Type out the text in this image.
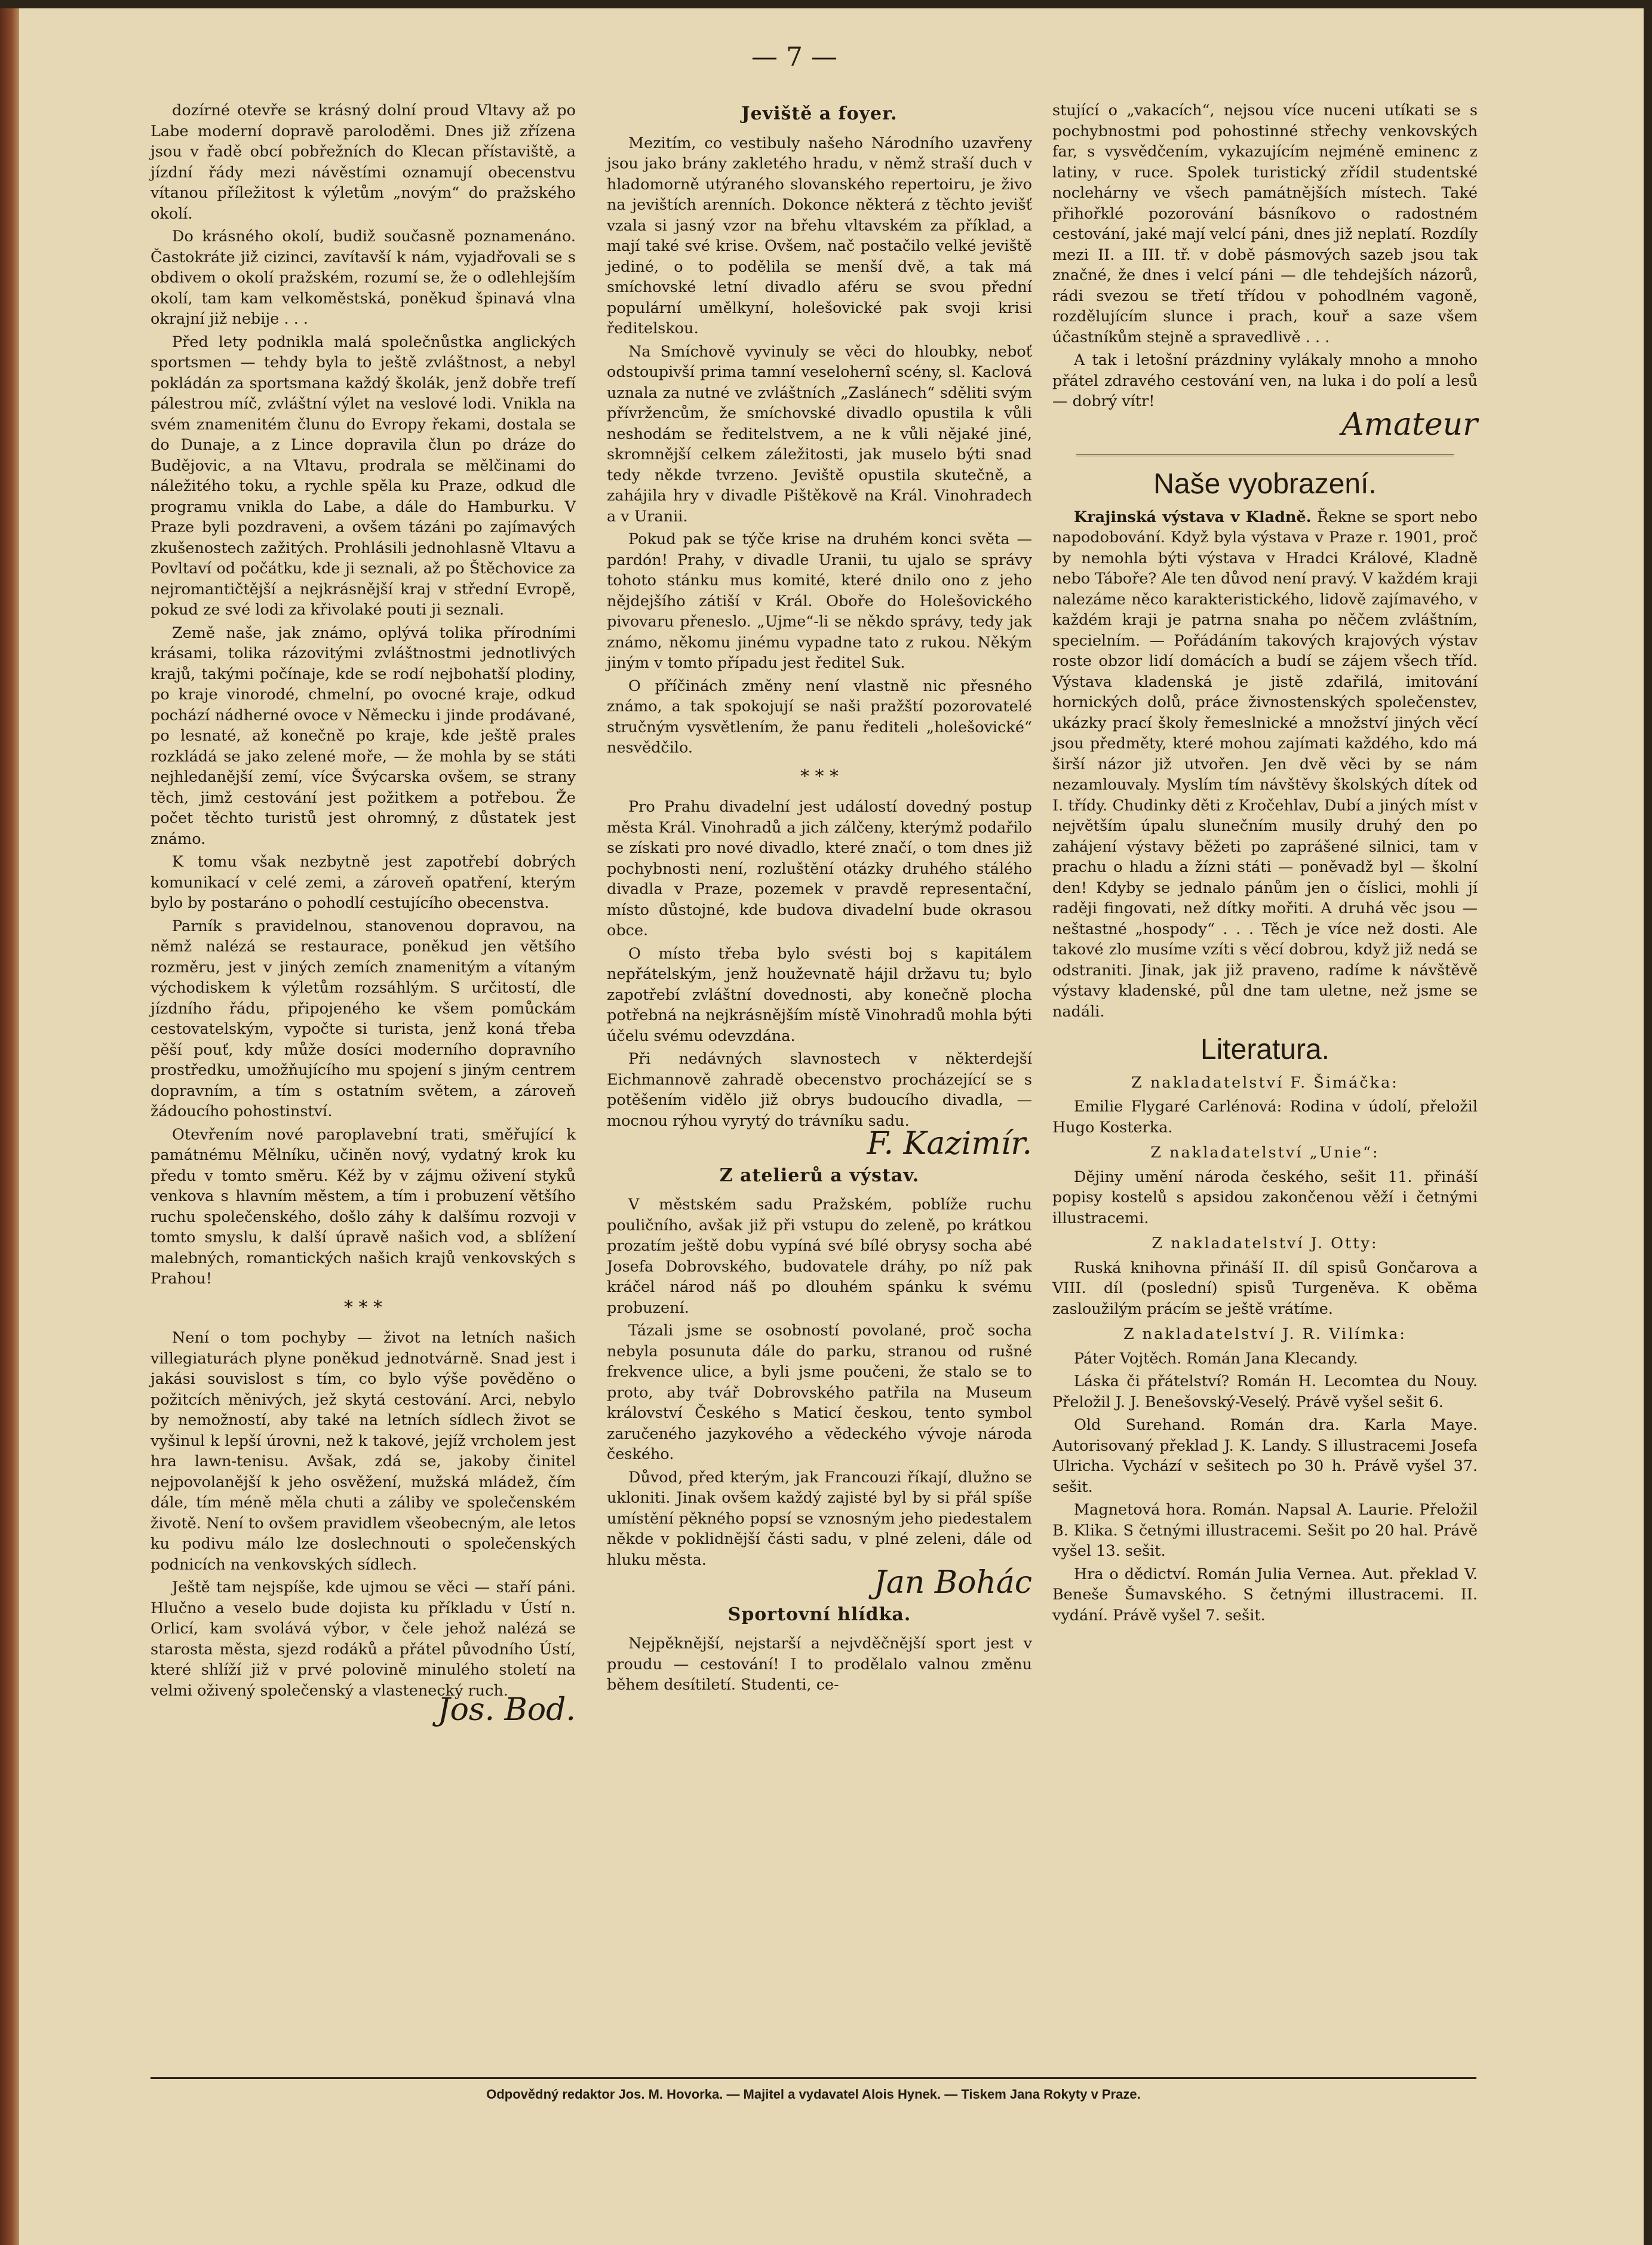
— 7 —

dozírné otevře se krásný dolní proud Vltavy až po Labe moderní dopravě paroloděmi. Dnes již zřízena jsou v řadě obcí pobřežních do Klecan přístaviště, a jízdní řády mezi návěstími oznamují obecenstvu vítanou příležitost k výletům „novým“ do pražského okolí.

Do krásného okolí, budiž současně poznamenáno. Častokráte již cizinci, zavítavší k nám, vyjadřovali se s obdivem o okolí pražském, rozumí se, že o odlehlejším okolí, tam kam velkoměstská, poněkud špinavá vlna okrajní již nebije . . .

Před lety podnikla malá společnůstka anglických sportsmen — tehdy byla to ještě zvláštnost, a nebyl pokládán za sportsmana každý školák, jenž dobře trefí pálestrou míč, zvláštní výlet na veslové lodi. Vnikla na svém znamenitém člunu do Evropy řekami, dostala se do Dunaje, a z Lince dopravila člun po dráze do Budějovic, a na Vltavu, prodrala se mělčinami do náležitého toku, a rychle spěla ku Praze, odkud dle programu vnikla do Labe, a dále do Hamburku. V Praze byli pozdraveni, a ovšem tázáni po zajímavých zkušenostech zažitých. Prohlásili jednohlasně Vltavu a Povltaví od počátku, kde ji seznali, až po Štěchovice za nejromantičtější a nejkrásnější kraj v střední Evropě, pokud ze své lodi za křivolaké pouti ji seznali.

Země naše, jak známo, oplývá tolika přírodními krásami, tolika rázovitými zvláštnostmi jednotlivých krajů, takými počínaje, kde se rodí nejbohatší plodiny, po kraje vinorodé, chmelní, po ovocné kraje, odkud pochází nádherné ovoce v Německu i jinde prodávané, po lesnaté, až konečně po kraje, kde ještě prales rozkládá se jako zelené moře, — že mohla by se státi nejhledanější zemí, více Švýcarska ovšem, se strany těch, jimž cestování jest požitkem a potřebou. Že počet těchto turistů jest ohromný, z důstatek jest známo.

K tomu však nezbytně jest zapotřebí dobrých komunikací v celé zemi, a zároveň opatření, kterým bylo by postaráno o pohodlí cestujícího obecenstva.

Parník s pravidelnou, stanovenou dopravou, na němž nalézá se restaurace, poněkud jen většího rozměru, jest v jiných zemích znamenitým a vítaným východiskem k výletům rozsáhlým. S určitostí, dle jízdního řádu, připojeného ke všem pomůckám cestovatelským, vypočte si turista, jenž koná třeba pěší pouť, kdy může dosíci moderního dopravního prostředku, umožňujícího mu spojení s jiným centrem dopravním, a tím s ostatním světem, a zároveň žádoucího pohostinství.

Otevřením nové paroplavební trati, směřující k památnému Mělníku, učiněn nový, vydatný krok ku předu v tomto směru. Kéž by v zájmu oživení styků venkova s hlavním městem, a tím i probuzení většího ruchu společenského, došlo záhy k dalšímu rozvoji v tomto smyslu, k další úpravě našich vod, a sblížení malebných, romantických našich krajů venkovských s Prahou!

* * *

Není o tom pochyby — život na letních našich villegiaturách plyne poněkud jednotvárně. Snad jest i jakási souvislost s tím, co bylo výše pověděno o požitcích měnivých, jež skytá cestování. Arci, nebylo by nemožností, aby také na letních sídlech život se vyšinul k lepší úrovni, než k takové, jejíž vrcholem jest hra lawn-tenisu. Avšak, zdá se, jakoby činitel nejpovolanější k jeho osvěžení, mužská mládež, čím dále, tím méně měla chuti a záliby ve společenském životě. Není to ovšem pravidlem všeobecným, ale letos ku podivu málo lze doslechnouti o společenských podnicích na venkovských sídlech.

Ještě tam nejspíše, kde ujmou se věci — staří páni. Hlučno a veselo bude dojista ku příkladu v Ústí n. Orlicí, kam svolává výbor, v čele jehož nalézá se starosta města, sjezd rodáků a přátel původního Ústí, které shlíží již v prvé polovině minulého století na velmi oživený společenský a vlastenecký ruch.

Jos. Bod.
Jeviště a foyer.

Mezitím, co vestibuly našeho Národního uzavřeny jsou jako brány zakletého hradu, v němž straší duch v hladomorně utýraného slovanského repertoiru, je živo na jevištích arenních. Dokonce některá z těchto jevišť vzala si jasný vzor na břehu vltavském za příklad, a mají také své krise. Ovšem, nač postačilo velké jeviště jediné, o to podělila se menší dvě, a tak má smíchovské letní divadlo aféru se svou přední populární umělkyní, holešovické pak svoji krisi ředitelskou.

Na Smíchově vyvinuly se věci do hloubky, neboť odstoupivší prima tamní veselohernî scény, sl. Kaclová uznala za nutné ve zvláštních „Zaslánech“ sděliti svým přívržencům, že smíchovské divadlo opustila k vůli neshodám se ředitelstvem, a ne k vůli nějaké jiné, skromnější celkem záležitosti, jak muselo býti snad tedy někde tvrzeno. Jeviště opustila skutečně, a zahájila hry v divadle Pištěkově na Král. Vinohradech a v Uranii.

Pokud pak se týče krise na druhém konci světa — pardón! Prahy, v divadle Uranii, tu ujalo se správy tohoto stánku mus komité, které dnilo ono z jeho nějdejšího zátiší v Král. Oboře do Holešovického pivovaru přeneslo. „Ujme“-li se někdo správy, tedy jak známo, někomu jinému vypadne tato z rukou. Někým jiným v tomto případu jest ředitel Suk.

O příčinách změny není vlastně nic přesného známo, a tak spokojují se naši pražští pozorovatelé stručným vysvětlením, že panu řediteli „holešovické“ nesvědčilo.

* * *

Pro Prahu divadelní jest událostí dovedný postup města Král. Vinohradů a jich zálčeny, kterýmž podařilo se získati pro nové divadlo, které značí, o tom dnes již pochybnosti není, rozluštění otázky druhého stálého divadla v Praze, pozemek v pravdě representační, místo důstojné, kde budova divadelní bude okrasou obce.

O místo třeba bylo svésti boj s kapitálem nepřátelským, jenž houževnatě hájil državu tu; bylo zapotřebí zvláštní dovednosti, aby konečně plocha potřebná na nejkrásnějším místě Vinohradů mohla býti účelu svému odevzdána.

Při nedávných slavnostech v některdejší Eichmannově zahradě obecenstvo procházející se s potěšením vidělo již obrys budoucího divadla, — mocnou rýhou vyrytý do trávníku sadu.

F. Kazimír.
Z atelierů a výstav.

V městském sadu Pražském, poblíže ruchu pouličního, avšak již při vstupu do zeleně, po krátkou prozatím ještě dobu vypíná své bílé obrysy socha abé Josefa Dobrovského, budovatele dráhy, po níž pak kráčel národ náš po dlouhém spánku k svému probuzení.

Tázali jsme se osobností povolané, proč socha nebyla posunuta dále do parku, stranou od rušné frekvence ulice, a byli jsme poučeni, že stalo se to proto, aby tvář Dobrovského patřila na Museum království Českého s Maticí českou, tento symbol zaručeného jazykového a vědeckého vývoje národa českého.

Důvod, před kterým, jak Francouzi říkají, dlužno se ukloniti. Jinak ovšem každý zajisté byl by si přál spíše umístění pěkného popsí se vznosným jeho piedestalem někde v poklidnější části sadu, v plné zeleni, dále od hluku města.

Jan Bohác
Sportovní hlídka.

Nejpěknější, nejstarší a nejvděčnější sport jest v proudu — cestování! I to prodělalo valnou změnu během desítiletí. Studenti, ce-

stující o „vakacích“, nejsou více nuceni utíkati se s pochybnostmi pod pohostinné střechy venkovských far, s vysvědčením, vykazujícím nejméně eminenc z latiny, v ruce. Spolek turistický zřídil studentské noclehárny ve všech památnějších místech. Také přihořklé pozorování básníkovo o radostném cestování, jaké mají velcí páni, dnes již neplatí. Rozdíly mezi II. a III. tř. v době pásmových sazeb jsou tak značné, že dnes i velcí páni — dle tehdejších názorů, rádi svezou se třetí třídou v pohodlném vagoně, rozdělujícím slunce i prach, kouř a saze všem účastníkům stejně a spravedlivě . . .

A tak i letošní prázdniny vylákaly mnoho a mnoho přátel zdravého cestování ven, na luka i do polí a lesů — dobrý vítr!

Amateur
Naše vyobrazení.

Krajinská výstava v Kladně. Řekne se sport nebo napodobování. Když byla výstava v Praze r. 1901, proč by nemohla býti výstava v Hradci Králové, Kladně nebo Táboře? Ale ten důvod není pravý. V každém kraji nalezáme něco karakteristického, lidově zajímavého, v každém kraji je patrna snaha po něčem zvláštním, specielním. — Pořádáním takových krajových výstav roste obzor lidí domácích a budí se zájem všech tříd. Výstava kladenská je jistě zdařilá, imitování hornických dolů, práce živnostenských společenstev, ukázky prací školy řemeslnické a množství jiných věcí jsou předměty, které mohou zajímati každého, kdo má širší názor již utvořen. Jen dvě věci by se nám nezamlouvaly. Myslím tím návštěvy školských dítek od I. třídy. Chudinky děti z Kročehlav, Dubí a jiných míst v největším úpalu slunečním musily druhý den po zahájení výstavy běžeti po zaprášené silnici, tam v prachu o hladu a žízni státi — poněvadž byl — školní den! Kdyby se jednalo pánům jen o číslici, mohli jí raději fingovati, než dítky mořiti. A druhá věc jsou — neštastné „hospody“ . . . Těch je více než dosti. Ale takové zlo musíme vzíti s věcí dobrou, když již nedá se odstraniti. Jinak, jak již praveno, radíme k návštěvě výstavy kladenské, půl dne tam uletne, než jsme se nadáli.

Literatura.
Z nakladatelství F. Šimáčka:

Emilie Flygaré Carlénová: Rodina v údolí, přeložil Hugo Kosterka.

Z nakladatelství „Unie“:

Dějiny umění národa českého, sešit 11. přináší popisy kostelů s apsidou zakončenou věží i četnými illustracemi.

Z nakladatelství J. Otty:

Ruská knihovna přináší II. díl spisů Gončarova a VIII. díl (poslední) spisů Turgeněva. K oběma zasloužilým prácím se ještě vrátíme.

Z nakladatelství J. R. Vilímka:

Páter Vojtěch. Román Jana Klecandy.

Láska či přátelství? Román H. Lecomtea du Nouy. Přeložil J. J. Benešovský-Veselý. Právě vyšel sešit 6.

Old Surehand. Román dra. Karla Maye. Autorisovaný překlad J. K. Landy. S illustracemi Josefa Ulricha. Vychází v sešitech po 30 h. Právě vyšel 37. sešit.

Magnetová hora. Román. Napsal A. Laurie. Přeložil B. Klika. S četnými illustracemi. Sešit po 20 hal. Právě vyšel 13. sešit.

Hra o dědictví. Román Julia Vernea. Aut. překlad V. Beneše Šumavského. S četnými illustracemi. II. vydání. Právě vyšel 7. sešit.

Odpovědný redaktor Jos. M. Hovorka. — Majitel a vydavatel Alois Hynek. — Tiskem Jana Rokyty v Praze.
